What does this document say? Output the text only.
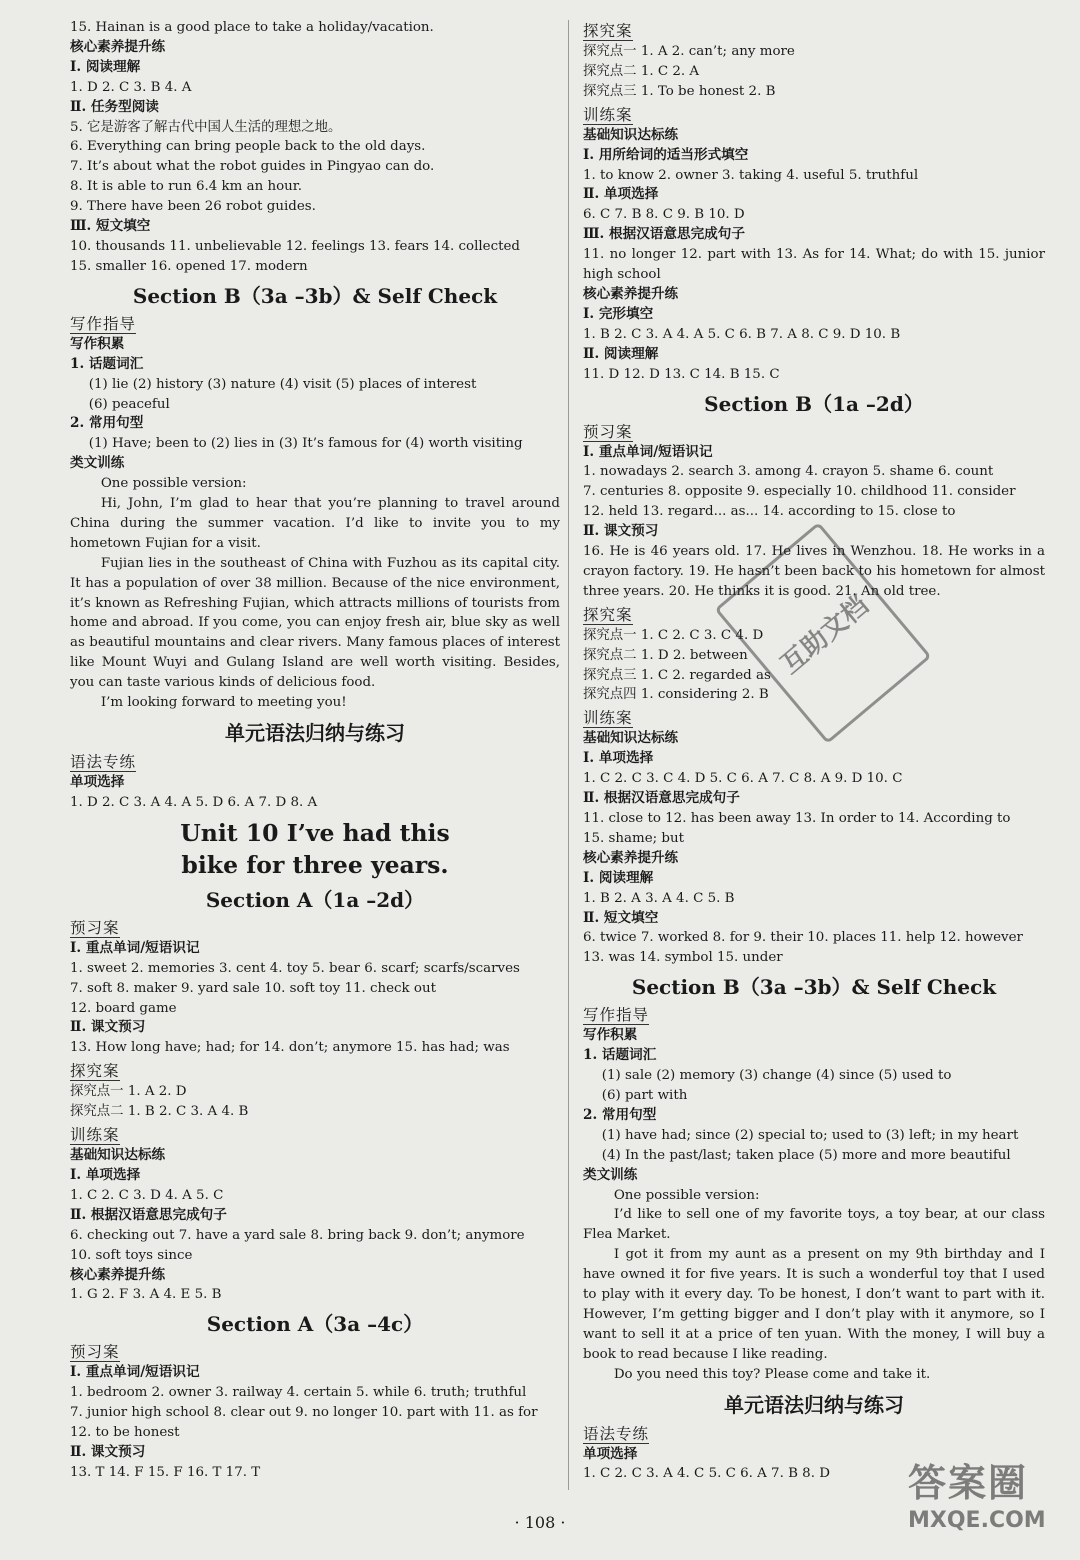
15. Hainan is a good place to take a holiday/vacation.
核心素养提升练
Ⅰ. 阅读理解
1. D 2. C 3. B 4. A
Ⅱ. 任务型阅读
5. 它是游客了解古代中国人生活的理想之地。
6. Everything can bring people back to the old days.
7. It’s about what the robot guides in Pingyao can do.
8. It is able to run 6.4 km an hour.
9. There have been 26 robot guides.
Ⅲ. 短文填空
10. thousands 11. unbelievable 12. feelings 13. fears 14. collected
15. smaller 16. opened 17. modern
Section B（3a –3b）& Self Check
写作指导
写作积累
1. 话题词汇
(1) lie (2) history (3) nature (4) visit (5) places of interest
(6) peaceful
2. 常用句型
(1) Have; been to (2) lies in (3) It’s famous for (4) worth visiting
类文训练
One possible version:
Hi, John, I’m glad to hear that you’re planning to travel around China during the summer vacation. I’d like to invite you to my hometown Fujian for a visit.
Fujian lies in the southeast of China with Fuzhou as its capital city. It has a population of over 38 million. Because of the nice environment, it’s known as Refreshing Fujian, which attracts millions of tourists from home and abroad. If you come, you can enjoy fresh air, blue sky as well as beautiful mountains and clear rivers. Many famous places of interest like Mount Wuyi and Gulang Island are well worth visiting. Besides, you can taste various kinds of delicious food.
I’m looking forward to meeting you!
单元语法归纳与练习
语法专练
单项选择
1. D 2. C 3. A 4. A 5. D 6. A 7. D 8. A
Unit 10 I’ve had this
bike for three years.
Section A（1a –2d）
预习案
Ⅰ. 重点单词/短语识记
1. sweet 2. memories 3. cent 4. toy 5. bear 6. scarf; scarfs/scarves
7. soft 8. maker 9. yard sale 10. soft toy 11. check out
12. board game
Ⅱ. 课文预习
13. How long have; had; for 14. don’t; anymore 15. has had; was
探究案
探究点一 1. A 2. D
探究点二 1. B 2. C 3. A 4. B
训练案
基础知识达标练
Ⅰ. 单项选择
1. C 2. C 3. D 4. A 5. C
Ⅱ. 根据汉语意思完成句子
6. checking out 7. have a yard sale 8. bring back 9. don’t; anymore
10. soft toys since
核心素养提升练
1. G 2. F 3. A 4. E 5. B
Section A（3a –4c）
预习案
Ⅰ. 重点单词/短语识记
1. bedroom 2. owner 3. railway 4. certain 5. while 6. truth; truthful
7. junior high school 8. clear out 9. no longer 10. part with 11. as for
12. to be honest
Ⅱ. 课文预习
13. T 14. F 15. F 16. T 17. T
探究案
探究点一 1. A 2. can’t; any more
探究点二 1. C 2. A
探究点三 1. To be honest 2. B
训练案
基础知识达标练
Ⅰ. 用所给词的适当形式填空
1. to know 2. owner 3. taking 4. useful 5. truthful
Ⅱ. 单项选择
6. C 7. B 8. C 9. B 10. D
Ⅲ. 根据汉语意思完成句子
11. no longer 12. part with 13. As for 14. What; do with 15. junior high school
核心素养提升练
Ⅰ. 完形填空
1. B 2. C 3. A 4. A 5. C 6. B 7. A 8. C 9. D 10. B
Ⅱ. 阅读理解
11. D 12. D 13. C 14. B 15. C
Section B（1a –2d）
预习案
Ⅰ. 重点单词/短语识记
1. nowadays 2. search 3. among 4. crayon 5. shame 6. count
7. centuries 8. opposite 9. especially 10. childhood 11. consider
12. held 13. regard... as... 14. according to 15. close to
Ⅱ. 课文预习
16. He is 46 years old. 17. He lives in Wenzhou. 18. He works in a crayon factory. 19. He hasn’t been back to his hometown for almost three years. 20. He thinks it is good. 21. An old tree.
探究案
探究点一 1. C 2. C 3. C 4. D
探究点二 1. D 2. between
探究点三 1. C 2. regarded as
探究点四 1. considering 2. B
训练案
基础知识达标练
Ⅰ. 单项选择
1. C 2. C 3. C 4. D 5. C 6. A 7. C 8. A 9. D 10. C
Ⅱ. 根据汉语意思完成句子
11. close to 12. has been away 13. In order to 14. According to
15. shame; but
核心素养提升练
Ⅰ. 阅读理解
1. B 2. A 3. A 4. C 5. B
Ⅱ. 短文填空
6. twice 7. worked 8. for 9. their 10. places 11. help 12. however
13. was 14. symbol 15. under
Section B（3a –3b）& Self Check
写作指导
写作积累
1. 话题词汇
(1) sale (2) memory (3) change (4) since (5) used to
(6) part with
2. 常用句型
(1) have had; since (2) special to; used to (3) left; in my heart
(4) In the past/last; taken place (5) more and more beautiful
类文训练
One possible version:
I’d like to sell one of my favorite toys, a toy bear, at our class Flea Market.
I got it from my aunt as a present on my 9th birthday and I have owned it for five years. It is such a wonderful toy that I used to play with it every day. To be honest, I don’t want to part with it. However, I’m getting bigger and I don’t play with it anymore, so I want to sell it at a price of ten yuan. With the money, I will buy a book to read because I like reading.
Do you need this toy? Please come and take it.
单元语法归纳与练习
语法专练
单项选择
1. C 2. C 3. A 4. C 5. C 6. A 7. B 8. D
互助文档
答案圈
MXQE.COM
· 108 ·
